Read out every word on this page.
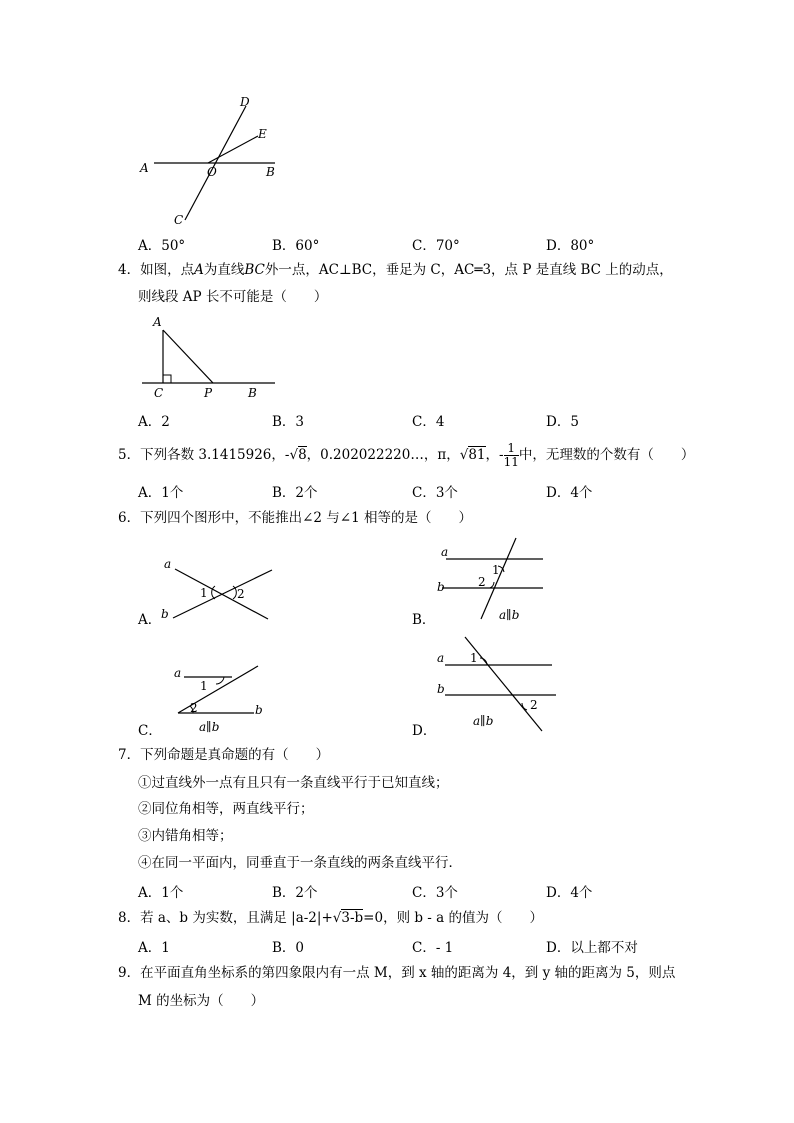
A	O	B
D
E
C
A．50°	B．60°	C．70°	D．80°
4．如图，点A为直线BC外一点，AC⊥BC，垂足为 C，AC═3，点 P 是直线 BC 上的动点，
则线段 AP 长不可能是（　　）
A
C	P	B
A．2	B．3	C．4	D．5
5．下列各数 3.1415926，-√8，0.202022220…，π，√81，- $\frac{1}{11}$ 中，无理数的个数有（　　）
A．1个	B．2个	C．3个	D．4个
6．下列四个图形中，不能推出∠2 与∠1 相等的是（　　）
a
b
1 2
A．
a
b
1
2
a∥b
B．
a
b
1
2
a∥b
C．
a
b
1
2
a∥b
D．
7．下列命题是真命题的有（　　）
①过直线外一点有且只有一条直线平行于已知直线；
②同位角相等，两直线平行；
③内错角相等；
④在同一平面内，同垂直于一条直线的两条直线平行．
A．1个	B．2个	C．3个	D．4个
8．若 a、b 为实数，且满足 |a-2|+√3-b=0，则 b - a 的值为（　　）
A．1	B．0	C．- 1	D．以上都不对
9．在平面直角坐标系的第四象限内有一点 M，到 x 轴的距离为 4，到 y 轴的距离为 5，则点
M 的坐标为（　　）
